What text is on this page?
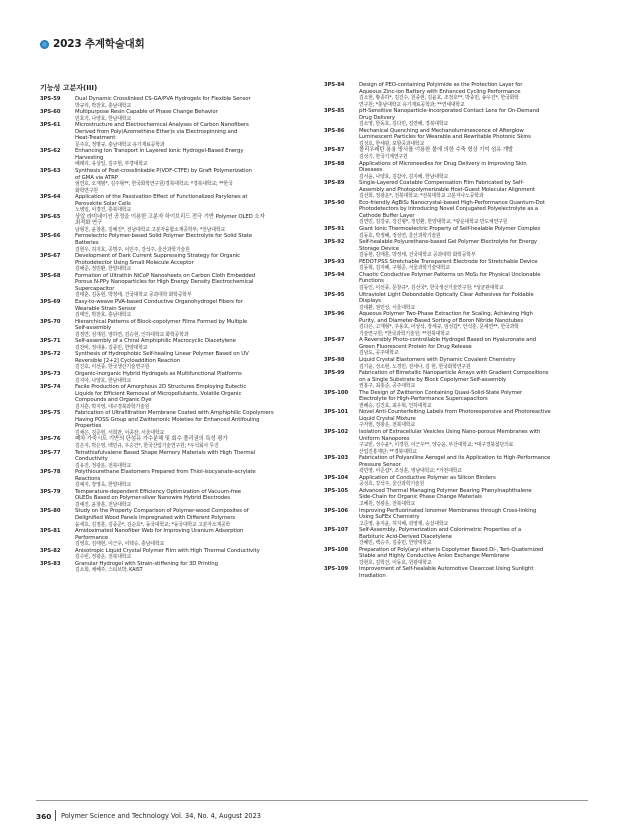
2023 추계학술대회
기능성 고분자(III)
3PS-59	Dual Dynamic Crosslinked CS-GA/PVA Hydrogels for Flexible Sensor
박규리, 박찬호, 충남대학교
3PS-60	Multipurpose Resin Capable of Phase Change Behavior
민호기, 나양호, 한남대학교
3PS-61	Microstructure and Electrochemical Analyses of Carbon Nanofibers
Derived from Poly(Azomethine Ether)s via Electrospinning and
Heat-Treatment
문주호, 정명규, 충남대학교 유기재료공학과
3PS-62	Enhancing Ion Transport in Layered Ionic Hydrogel-Based Energy
Harvesting
배래리, 유성일, 김주현, 부경대학교
3PS-63	Synthesis of Post-crosslinkable P(VDF-CTFE) by Graft Polymerization
of GMA via ATRP
엄연호, 오재범*, 김주형**, 한국화학연구원/경북대학교; *경북대학교; **한국
화학연구원
3PS-64	Application of the Passivation Effect of Functionalized Parylenes at
Perovskite Solar Cells
노병일, 이경진, 충북대학교
3PS-65	상압 라미네이션 공정을 이용한 고분자 하이브리드 전극 기반 Polymer OLED 소자
최적화 연구
남형진, 윤창훈, 김혜진*, 전남대학교 고분자융합소재공학부; *전남대학교
3PS-66	Ferroelectric Polymer-based Solid Polymer Electrolyte for Solid State
Batteries
김현우, 허지호, 공명주, 이민주, 강석주, 울산과학기술원
3PS-67	Development of Dark Current Suppressing Strategy for Organic
Photodetector Using Small Molecule Acceptor
김해준, 정민환, 한양대학교
3PS-68	Formation of Ultrathin NiCoP Nanosheets on Carbon Cloth Embedded
Porous N-PPy Nanoparticles for High Energy Density Electrochemical
Supercapacitor
김태훈, 김동현, 박정태, 건국대학교 공과대학 화학공학부
3PS-69	Easy-to-weave PVA-based Conductive Organohydrogel Fibers for
Wearable Strain Sensor
김태인, 박찬호, 충남대학교
3PS-70	Hierarchical Patterns of Block-copolymer Films Formed by Multiple
Self-assembly
김정연, 심재원, 염하연, 김승현, 인하대학교 화학공학과
3PS-71	Self-assembly of a Chiral Amphiphilic Macrocyclic Diacetylene
김찬비, 정대용, 김종민, 한양대학교
3PS-72	Synthesis of Hydrophobic Self-healing Linear Polymer Based on UV
Reversible [2+2] Cycloaddition Reaction
김진호, 이선종, 한국생산기술연구원
3PS-73	Organic-inorganic Hybrid Hydrogels as Multifunctional Platforms
김지아, 나양호, 한남대학교
3PS-74	Facile Production of Amorphous 2D Structures Employing Eutectic
Liquids for Efficient Removal of Micropollutants, Volatile Organic
Compounds and Organic Dye
김지훈, 박지영, 대구경북과학기술원
3PS-75	Fabrication of Ultrafiltration Membrane Coated with Amphiphilic Copolymers
Having POSS Group and Zwitterionic Moieties for Enhanced Antifouling
Properties
김채은, 김준현, 서희찬, 이종찬, 서울대학교
3PS-76	폐차 가죽시트 기반의 단섬유 가수분해 및 회수 폴리권의 특성 평가
김은지, 박은영, 백민규, 우승건*, 한국산업기술연구원; *우석회사 무진
3PS-77	Tetrathiafulvalene Based Shape Memory Materials with High Thermal
Conductivity
김유진, 정광운, 전북대학교
3PS-78	Polythiourethane Elastomers Prepared from Thiol-isocyanate-acrylate
Reactions
김예지, 장영욱, 한양대학교
3PS-79	Temperature-dependent Efficiency Optimization of Vacuum-free
OLEDs Based on Polymer-silver Nanowire Hybrid Electrodes
김예진, 윤창훈, 전남대학교
3PS-80	Study on the Property Comparison of Polymer-wood Composites of
Delignified Wood Panels Impregnated with Different Polymers
윤세호, 김정훈, 김종준*, 김순호*, 동국대학교; *동국대학교 고분자소재공학
3PS-81	Amidoximated Nanofiber Web for Improving Uranium Adsorption
Performance
김영호, 김태현, 이근우, 이택승, 충남대학교
3PS-82	Anisotropic Liquid Crystal Polymer Film with High Thermal Conductivity
김수빈, 정광운, 전북대학교
3PS-83	Granular Hydrogel with Strain-stiffening for 3D Printing
김소희, 채혜주, 스티브박, KAIST
3PS-84	Design of PEO-containing Polyimide as the Protection Layer for
Aqueous Zinc-ion Battery with Enhanced Cycling Performance
김소현, 황종하*, 김진수, 원종현, 김윤호, 조정호**, 박종민, 송우진*, 한국화학
연구원; *충남대학교 유기재료공학과; **연세대학교
3PS-85	pH-Sensitive Nanoparticle-Incorporated Contact Lens for On-Demand
Drug Delivery
김소영, 한동호, 김다민, 김연해, 경북대학교
3PS-86	Mechanical Quenching and Mechanoluminescence of Afterglow
Luminescent Particles for Wearable and Rewritable Photonic Skins
김성호, 한세광, 포항공과대학교
3PS-87	폴리우레탄 용융 방사를 이용한 물에 의한 수축 형상 기억 섬유 개발
김성기, 한국기계연구원
3PS-88	Applications of Microneedles for Drug Delivery in Improving Skin
Diseases
김서윤, 나양호, 김갑아, 김지혜, 한남대학교
3PS-89	Single-Layered Coatable Compensation Film Fabricated by Self-
Assembly and Photopolymerizable Host-Guest Molecular Alignment
김선희, 정광운*, 전북대학교; *전북대학교 고분자나노공학과
3PS-90	Eco-friendly AgBiS₂ Nanocrystal-based High-Performance Quantum-Dot
Photodetectors by Introducing Novel Conjugated Polyelectrolyte as a
Cathode Buffer Layer
김연민, 김강규, 강진형*, 정민환, 한양대학교; *광운대학교 반도체연구원
3PS-91	Giant Ionic Thermoelectric Property of Self-healable Polymer Complex
김동호, 박정혜, 정성연, 울산과학기술원
3PS-92	Self-healable Polyurethane-based Gel Polymer Electrolyte for Energy
Storage Device
김동현, 김태훈, 박정태, 건국대학교 공과대학 화학공학부
3PS-93	PEDOT:PSS Stretchable Transparent Electrode for Stretchable Device
김동혁, 김지혜, 구형준, 서울과학기술대학교
3PS-94	Chaotic Conductive Polymer Patterns on MoS₂ for Physical Unclonable
Functions
김동인, 이선종, 문창규*, 김선국*, 한국생산기술연구원; *성균관대학교
3PS-95	Ultraviolet Light Debondable Optically Clear Adhesives for Foldable
Displays
김대환, 권민상, 서울대학교
3PS-96	Aqueous Polymer Two-Phase Extraction for Scaling, Achieving High
Purity, and Diameter-Based Sorting of Boron Nitride Nanotubes
김다은, 고재형*, 주용호, 이상석, 장세규, 임성갑*, 안석훈, 문세연**, 한국과학
기술연구원; *한국과학기술원; **전북대학교
3PS-97	A Reversibly Photo-controllable Hydrogel Based on Hyaluronate and
Green Fluorescent Protein for Drug Release
김남도, 공주대학교
3PS-98	Liquid Crystal Elastomers with Dynamic Covalent Chemistry
김기윤, 성소현, 노경민, 전세나, 김 현, 한국화학연구원
3PS-99	Fabrication of Bimetallic Nanoparticle Arrays with Gradient Compositions
on a Single Substrate by Block Copolymer Self-assembly
권홍구, 최홍준, 공주대학교
3PS-100	The Design of Zwitterion Containing Quasi-Solid-State Polymer
Electrolyte for High-Performance Supercapacitors
권혜승, 김진호, 최우혁, 인하대학교
3PS-101	Novel Anti-Counterfeiting Labels from Photoresponsive and Photoreactive
Liquid Crystal Mixture
구자현, 정광운, 전북대학교
3PS-102	Isolation of Extracellular Vesicles Using Nano-porous Membranes with
Uniform Nanopores
구교빈, 성수윤*, 이경원, 이근우**, 양승윤, 부산대학교; *대구경북첨단의료
산업진흥재단; **경북대학교
3PS-103	Fabrication of Polyaniline Aerogel and its Application to High-Performance
Pressure Sensor
곽민영, 이준섭*, 조성훈, 영남대학교; *가천대학교
3PS-104	Application of Conductive Polymer as Silicon Binders
공성호, 강석주, 울산과학기술원
3PS-105	Advanced Thermal Managing Polymer Bearing Phenylnaphthalene
Side-Chain for Organic Phase Change Materials
고혜원, 정광운, 전북대학교
3PS-106	Improving Perfluorinated Ionomer Membranes through Cross-linking
Using SuFEx Chemistry
고준영, 용지윤, 허지혜, 곽영제, 숭실대학교
3PS-107	Self-Assembly, Polymerization and Colorimetric Properties of a
Barbituric Acid-Derived Diacetylene
강혜민, 백승주, 김종민, 한양대학교
3PS-108	Preparation of Poly(aryl ether)s Copolymer Based Di-, Tert-Quaternized
Stable and Highly Conductive Anion Exchange Membrane
강현호, 김학건, 이동호, 원광대학교
3PS-109	Improvement of Self-healable Automotive Clearcoat Using Sunlight
Irradiation
360 Polymer Science and Technology Vol. 34, No. 4, August 2023
